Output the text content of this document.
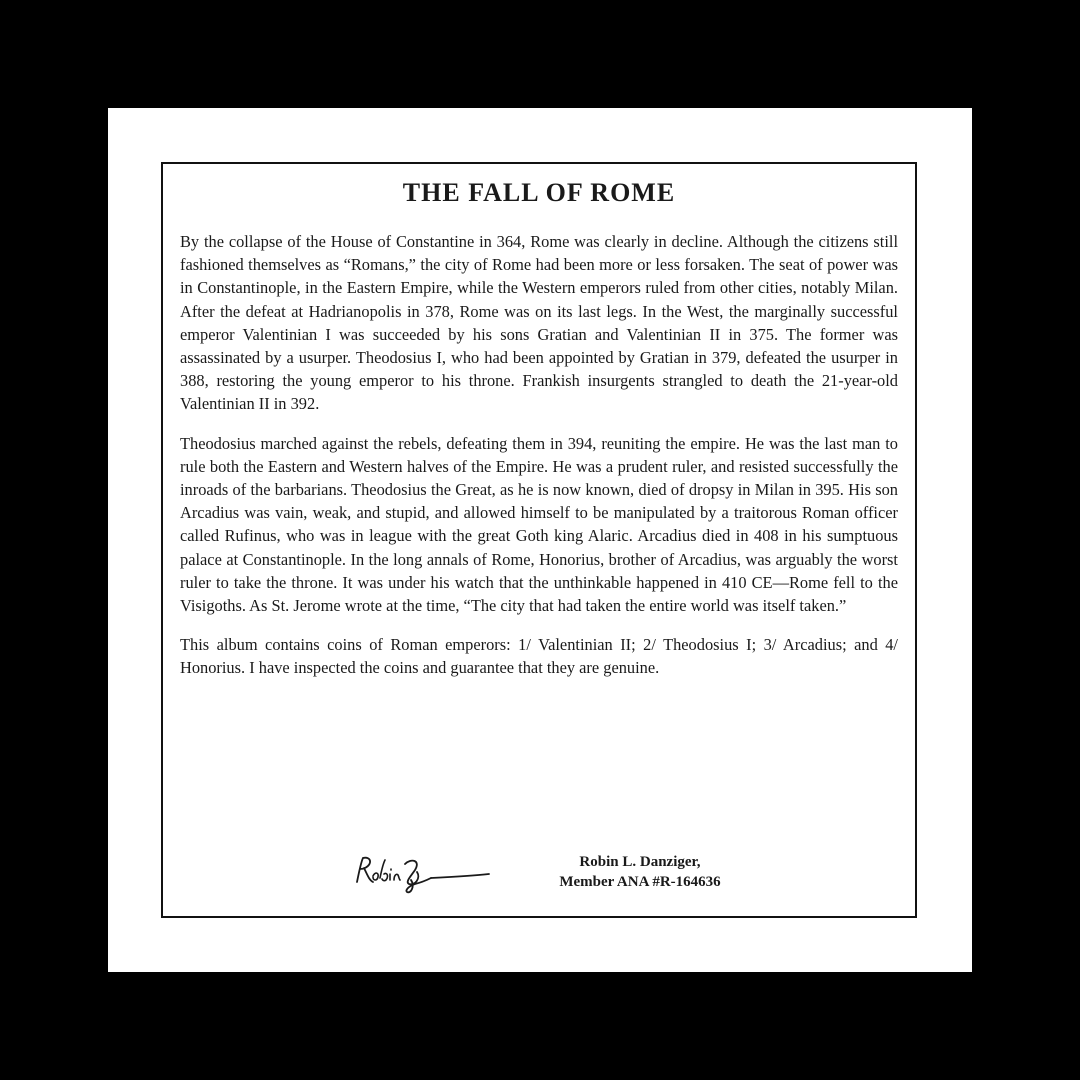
THE FALL OF ROME

By the collapse of the House of Constantine in 364, Rome was clearly in decline. Although the citizens still fashioned themselves as “Romans,” the city of Rome had been more or less forsaken. The seat of power was in Constantinople, in the Eastern Empire, while the Western emperors ruled from other cities, notably Milan. After the defeat at Hadrianopolis in 378, Rome was on its last legs. In the West, the marginally successful emperor Valentinian I was succeeded by his sons Gratian and Valentinian II in 375. The former was assassinated by a usurper. Theodosius I, who had been appointed by Gratian in 379, defeated the usurper in 388, restoring the young emperor to his throne. Frankish insurgents strangled to death the 21-year-old Valentinian II in 392.

Theodosius marched against the rebels, defeating them in 394, reuniting the empire. He was the last man to rule both the Eastern and Western halves of the Empire. He was a prudent ruler, and resisted successfully the inroads of the barbarians. Theodosius the Great, as he is now known, died of dropsy in Milan in 395. His son Arcadius was vain, weak, and stupid, and allowed himself to be manipulated by a traitorous Roman officer called Rufinus, who was in league with the great Goth king Alaric. Arcadius died in 408 in his sumptuous palace at Constantinople. In the long annals of Rome, Honorius, brother of Arcadius, was arguably the worst ruler to take the throne. It was under his watch that the unthinkable happened in 410 CE—Rome fell to the Visigoths. As St. Jerome wrote at the time, “The city that had taken the entire world was itself taken.”

This album contains coins of Roman emperors: 1/ Valentinian II; 2/ Theodosius I; 3/ Arcadius; and 4/ Honorius. I have inspected the coins and guarantee that they are genuine.

Robin L. Danziger,
Member ANA #R-164636
